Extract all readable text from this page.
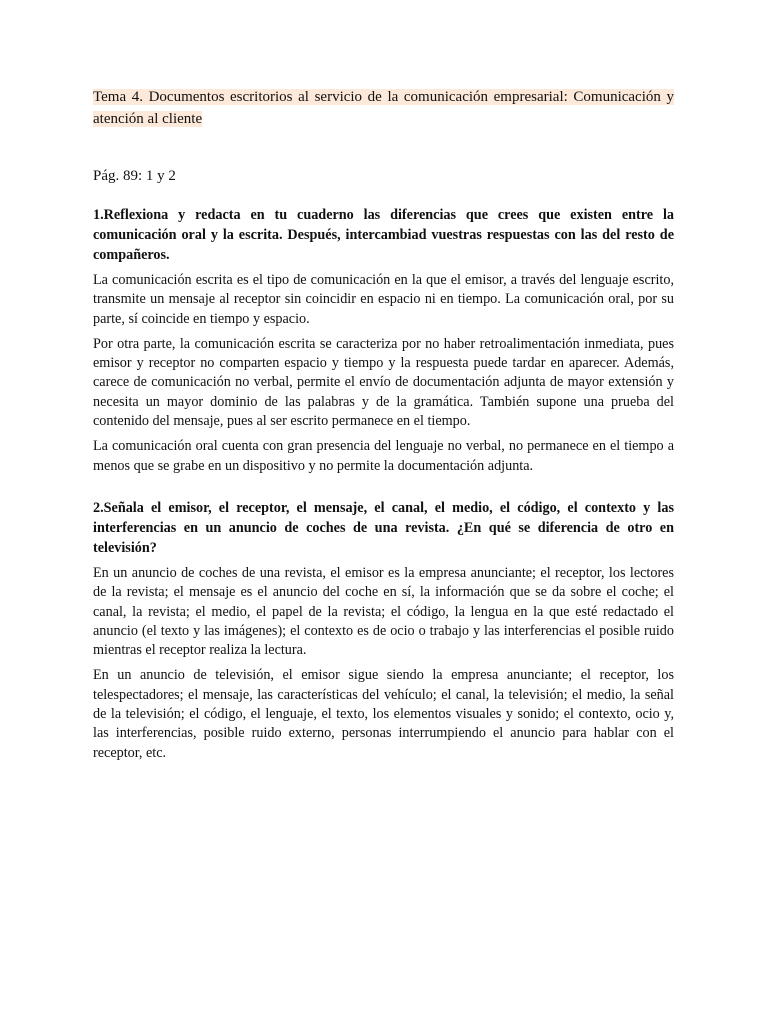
Tema 4. Documentos escritorios al servicio de la comunicación empresarial: Comunicación y atención al cliente

Pág. 89: 1 y 2

1.Reflexiona y redacta en tu cuaderno las diferencias que crees que existen entre la comunicación oral y la escrita. Después, intercambiad vuestras respuestas con las del resto de compañeros.

La comunicación escrita es el tipo de comunicación en la que el emisor, a través del lenguaje escrito, transmite un mensaje al receptor sin coincidir en espacio ni en tiempo. La comunicación oral, por su parte, sí coincide en tiempo y espacio.

Por otra parte, la comunicación escrita se caracteriza por no haber retroalimentación inmediata, pues emisor y receptor no comparten espacio y tiempo y la respuesta puede tardar en aparecer. Además, carece de comunicación no verbal, permite el envío de documentación adjunta de mayor extensión y necesita un mayor dominio de las palabras y de la gramática. También supone una prueba del contenido del mensaje, pues al ser escrito permanece en el tiempo.

La comunicación oral cuenta con gran presencia del lenguaje no verbal, no permanece en el tiempo a menos que se grabe en un dispositivo y no permite la documentación adjunta.

2.Señala el emisor, el receptor, el mensaje, el canal, el medio, el código, el contexto y las interferencias en un anuncio de coches de una revista. ¿En qué se diferencia de otro en televisión?

En un anuncio de coches de una revista, el emisor es la empresa anunciante; el receptor, los lectores de la revista; el mensaje es el anuncio del coche en sí, la información que se da sobre el coche; el canal, la revista; el medio, el papel de la revista; el código, la lengua en la que esté redactado el anuncio (el texto y las imágenes); el contexto es de ocio o trabajo y las interferencias el posible ruido mientras el receptor realiza la lectura.

En un anuncio de televisión, el emisor sigue siendo la empresa anunciante; el receptor, los telespectadores; el mensaje, las características del vehículo; el canal, la televisión; el medio, la señal de la televisión; el código, el lenguaje, el texto, los elementos visuales y sonido; el contexto, ocio y, las interferencias, posible ruido externo, personas interrumpiendo el anuncio para hablar con el receptor, etc.
